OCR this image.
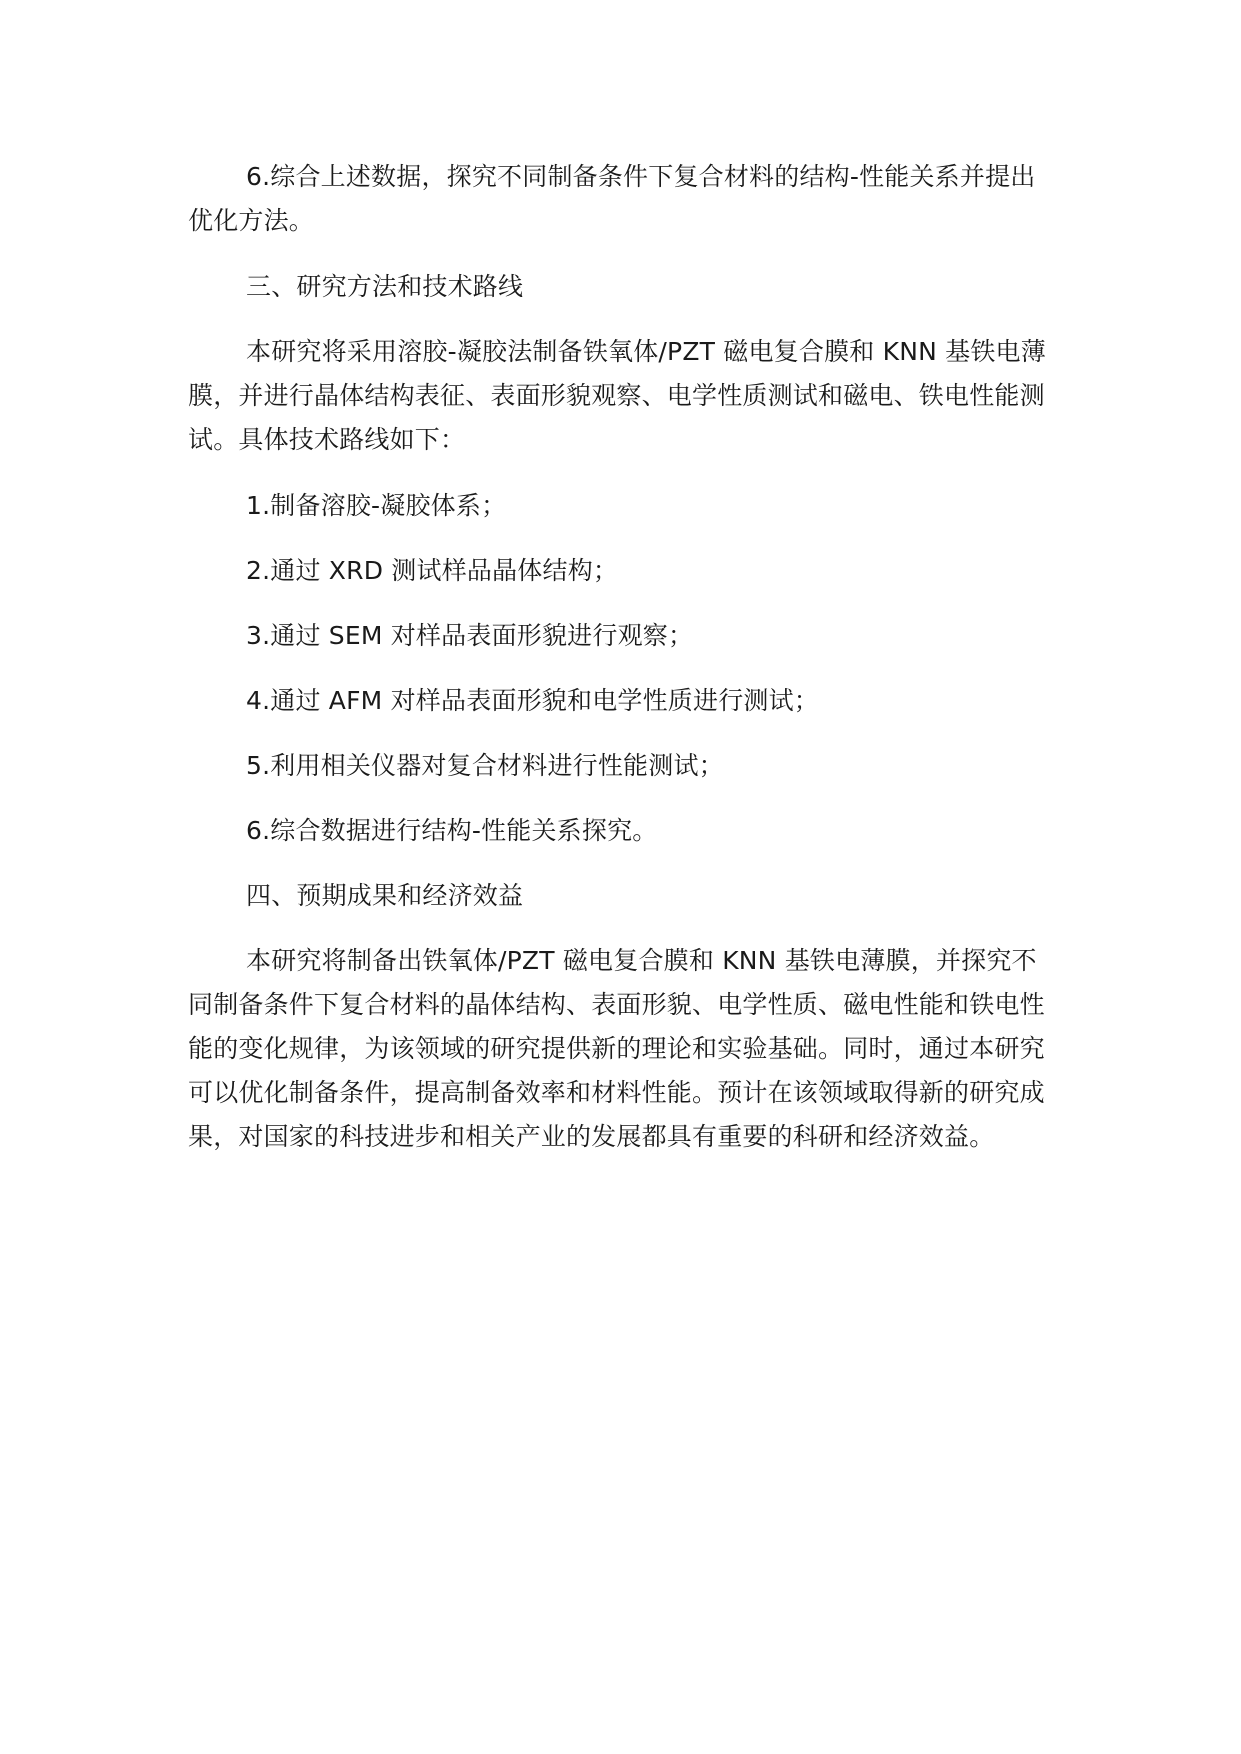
6.综合上述数据，探究不同制备条件下复合材料的结构-性能关系并提出优化方法。

三、研究方法和技术路线

本研究将采用溶胶-凝胶法制备铁氧体/PZT 磁电复合膜和 KNN 基铁电薄膜，并进行晶体结构表征、表面形貌观察、电学性质测试和磁电、铁电性能测试。具体技术路线如下：

1.制备溶胶-凝胶体系；

2.通过 XRD 测试样品晶体结构；

3.通过 SEM 对样品表面形貌进行观察；

4.通过 AFM 对样品表面形貌和电学性质进行测试；

5.利用相关仪器对复合材料进行性能测试；

6.综合数据进行结构-性能关系探究。

四、预期成果和经济效益

本研究将制备出铁氧体/PZT 磁电复合膜和 KNN 基铁电薄膜，并探究不同制备条件下复合材料的晶体结构、表面形貌、电学性质、磁电性能和铁电性能的变化规律，为该领域的研究提供新的理论和实验基础。同时，通过本研究可以优化制备条件，提高制备效率和材料性能。预计在该领域取得新的研究成果，对国家的科技进步和相关产业的发展都具有重要的科研和经济效益。
